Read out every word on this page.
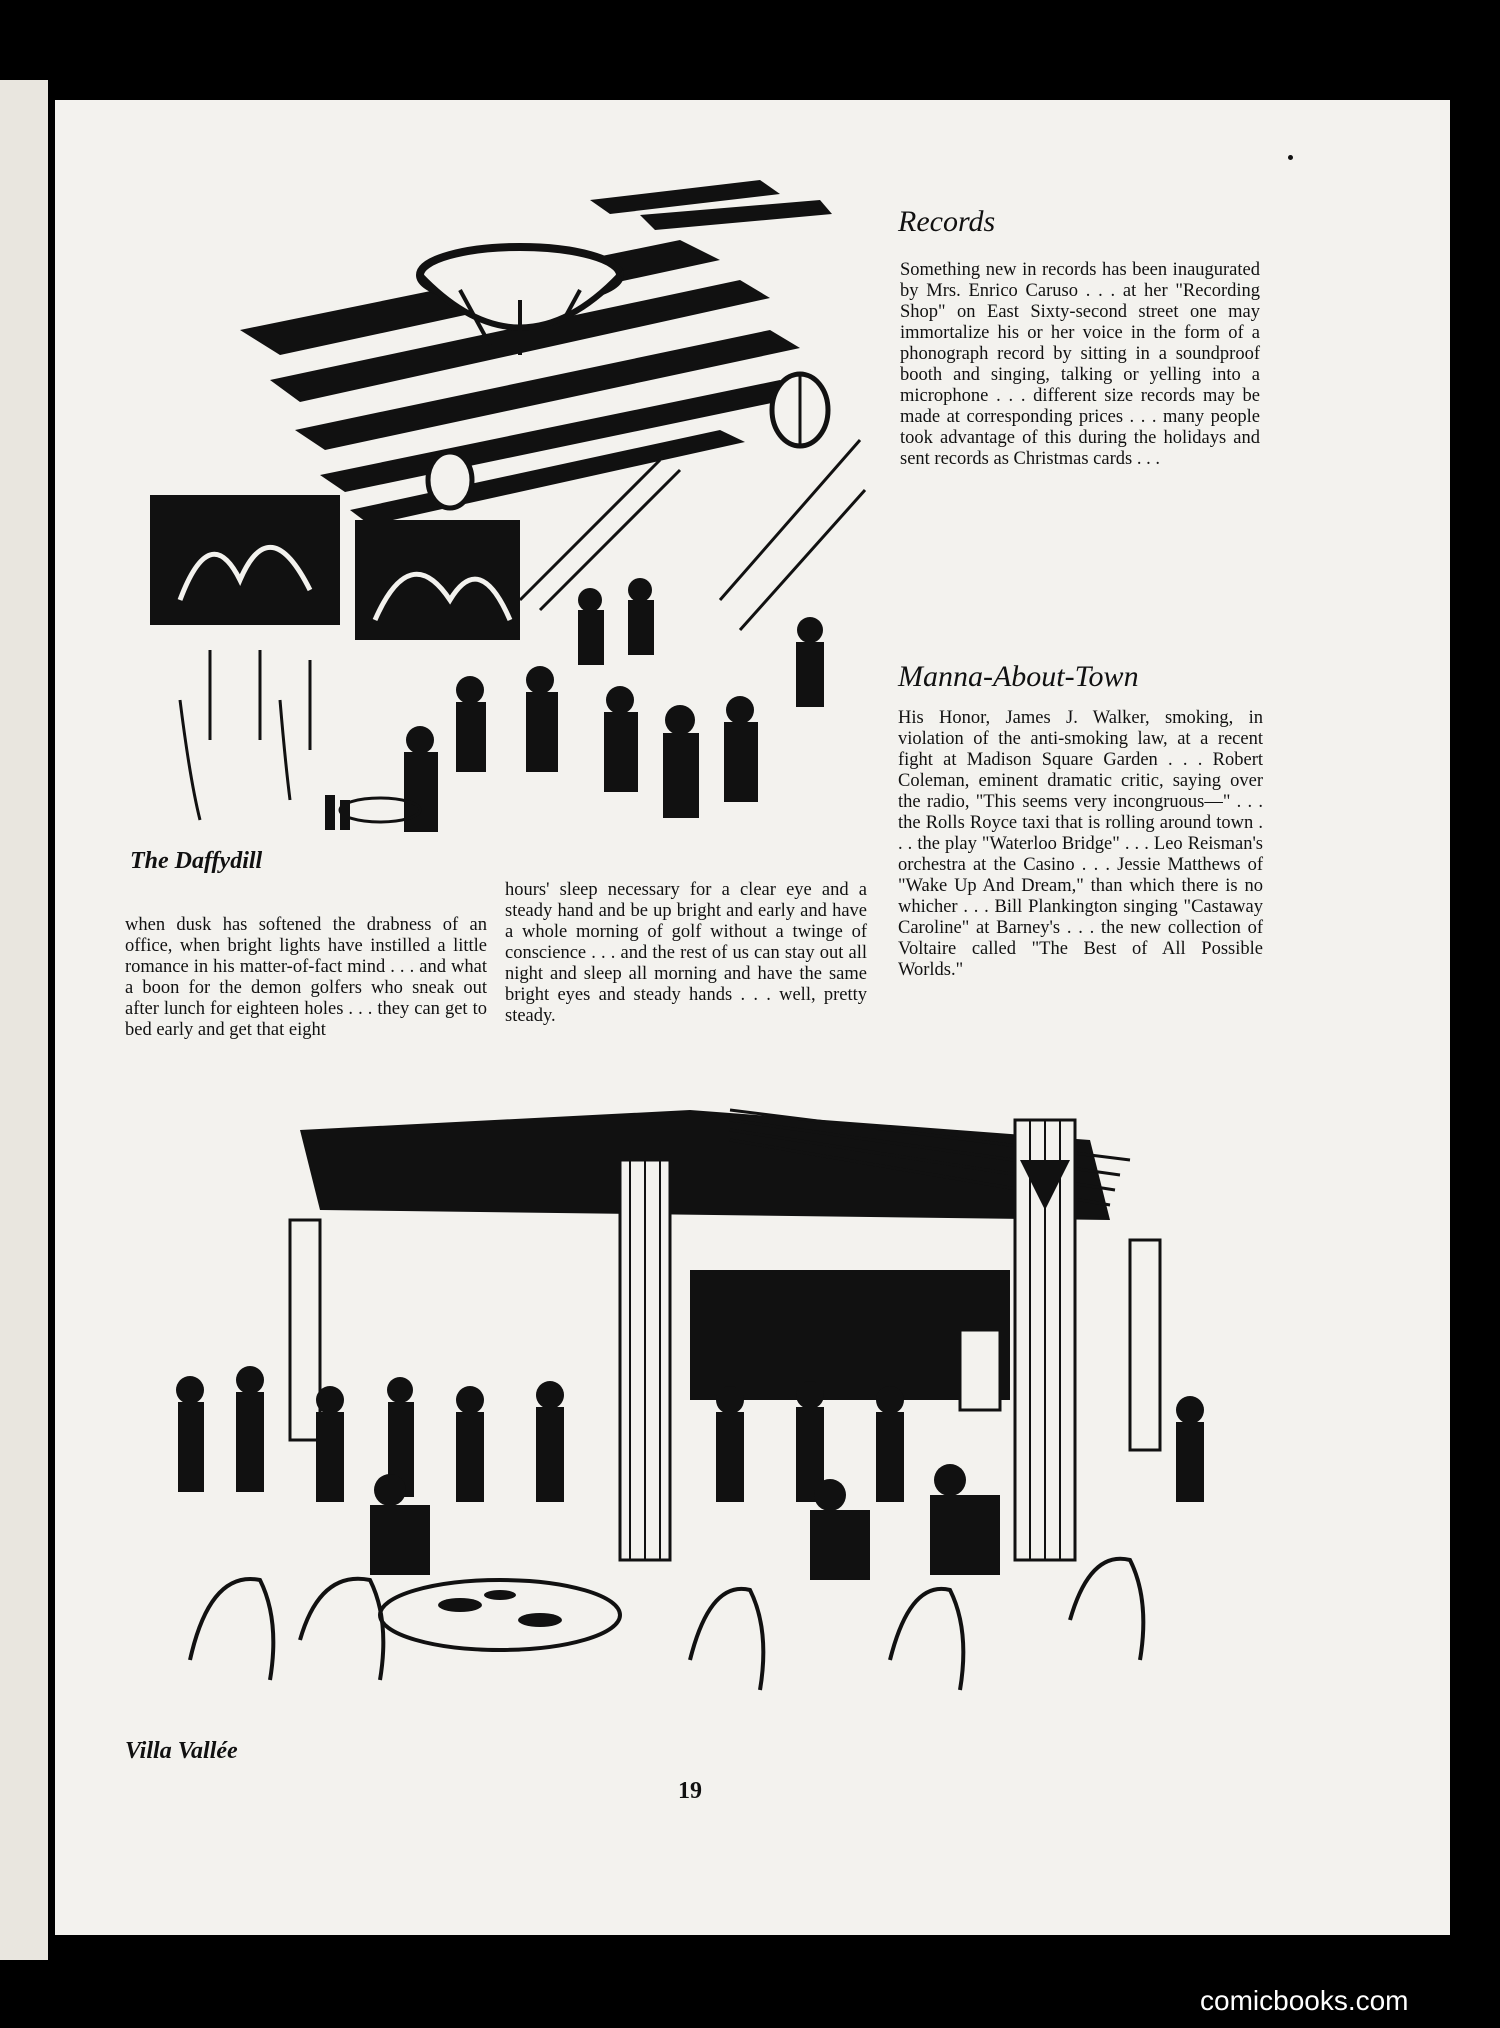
The Daffydill
Records

Something new in records has been inaugurated by Mrs. Enrico Caruso . . . at her "Recording Shop" on East Sixty-second street one may immortalize his or her voice in the form of a phonograph record by sitting in a soundproof booth and singing, talking or yelling into a microphone . . . different size records may be made at corresponding prices . . . many people took advantage of this during the holidays and sent records as Christmas cards . . .

Manna-About-Town

His Honor, James J. Walker, smoking, in violation of the anti-smoking law, at a recent fight at Madison Square Garden . . . Robert Coleman, eminent dramatic critic, saying over the radio, "This seems very incongruous—" . . . the Rolls Royce taxi that is rolling around town . . . the play "Waterloo Bridge" . . . Leo Reisman's orchestra at the Casino . . . Jessie Matthews of "Wake Up And Dream," than which there is no whicher . . . Bill Plankington singing "Castaway Caroline" at Barney's . . . the new collection of Voltaire called "The Best of All Possible Worlds."

when dusk has softened the drabness of an office, when bright lights have instilled a little romance in his matter-of-fact mind . . . and what a boon for the demon golfers who sneak out after lunch for eighteen holes . . . they can get to bed early and get that eight

hours' sleep necessary for a clear eye and a steady hand and be up bright and early and have a whole morning of golf without a twinge of conscience . . . and the rest of us can stay out all night and sleep all morning and have the same bright eyes and steady hands . . . well, pretty steady.

Villa Vallée
19
comicbooks.com
